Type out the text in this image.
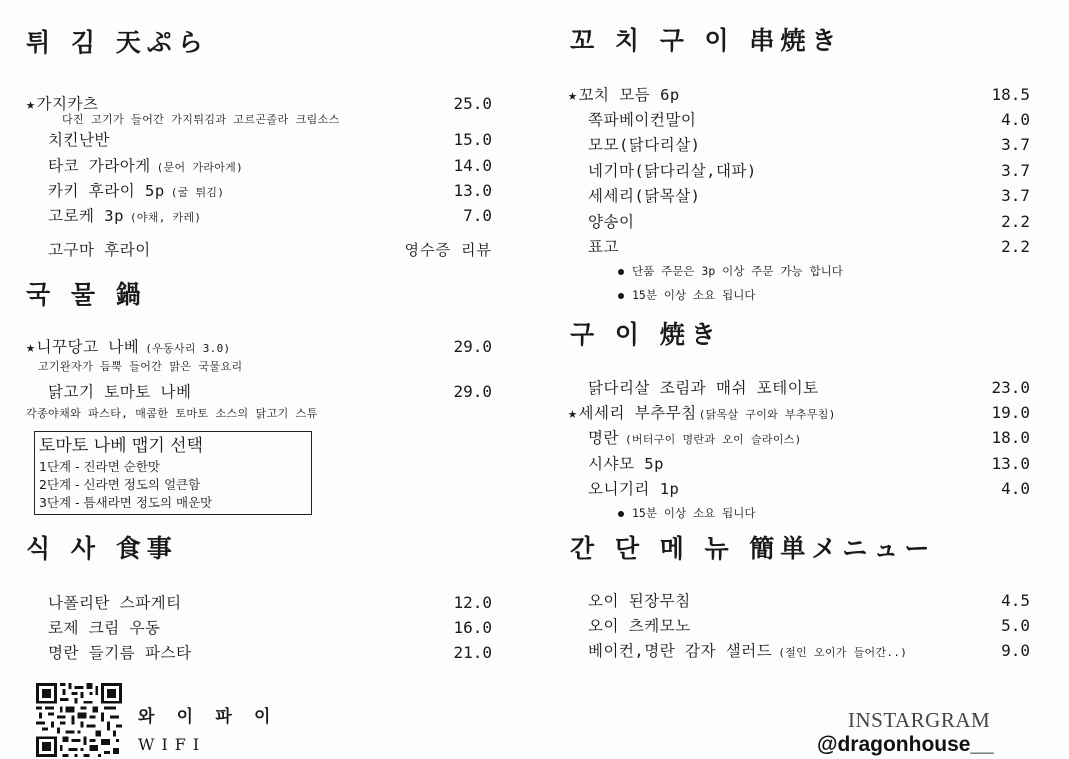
튀 김 天ぷら
★가지카츠	25.0
다진 고기가 들어간 가지튀김과 고르곤졸라 크림소스
치킨난반	15.0
타코 가라아게 (문어 가라아게)	14.0
카키 후라이 5p (굴 튀김)	13.0
고로케 3p (야채, 카레)	7.0
고구마 후라이	영수증 리뷰
국 물 鍋
★니꾸당고 나베 (우동사리 3.0)	29.0
고기완자가 듬뿍 들어간 맑은 국물요리
닭고기 토마토 나베	29.0
각종야채와 파스타, 매콤한 토마토 소스의 닭고기 스튜
식 사 食事
나폴리탄 스파게티	12.0
로제 크림 우동	16.0
명란 들기름 파스타	21.0
토마토 나베 맵기 선택
1단계 - 진라면 순한맛
2단계 - 신라면 정도의 얼큰함
3단계 - 틈새라면 정도의 매운맛
꼬 치 구 이 串焼き
★꼬치 모듬 6p	18.5
쪽파베이컨말이	4.0
모모(닭다리살)	3.7
네기마(닭다리살,대파)	3.7
세세리(닭목살)	3.7
양송이	2.2
표고	2.2
단품 주문은 3p 이상 주문 가능 합니다
15분 이상 소요 됩니다
구 이 焼き
닭다리살 조림과 매쉬 포테이토	23.0
★세세리 부추무침 (닭목살 구이와 부추무침)	19.0
명란 (버터구이 명란과 오이 슬라이스)	18.0
시샤모 5p	13.0
오니기리 1p	4.0
15분 이상 소요 됩니다
간 단 메 뉴 簡単メニュー
오이 된장무침	4.5
오이 츠케모노	5.0
베이컨,명란 감자 샐러드 (절인 오이가 들어간..)	9.0
와 이 파 이
WIFI
INSTARGRAM
@dragonhouse__
